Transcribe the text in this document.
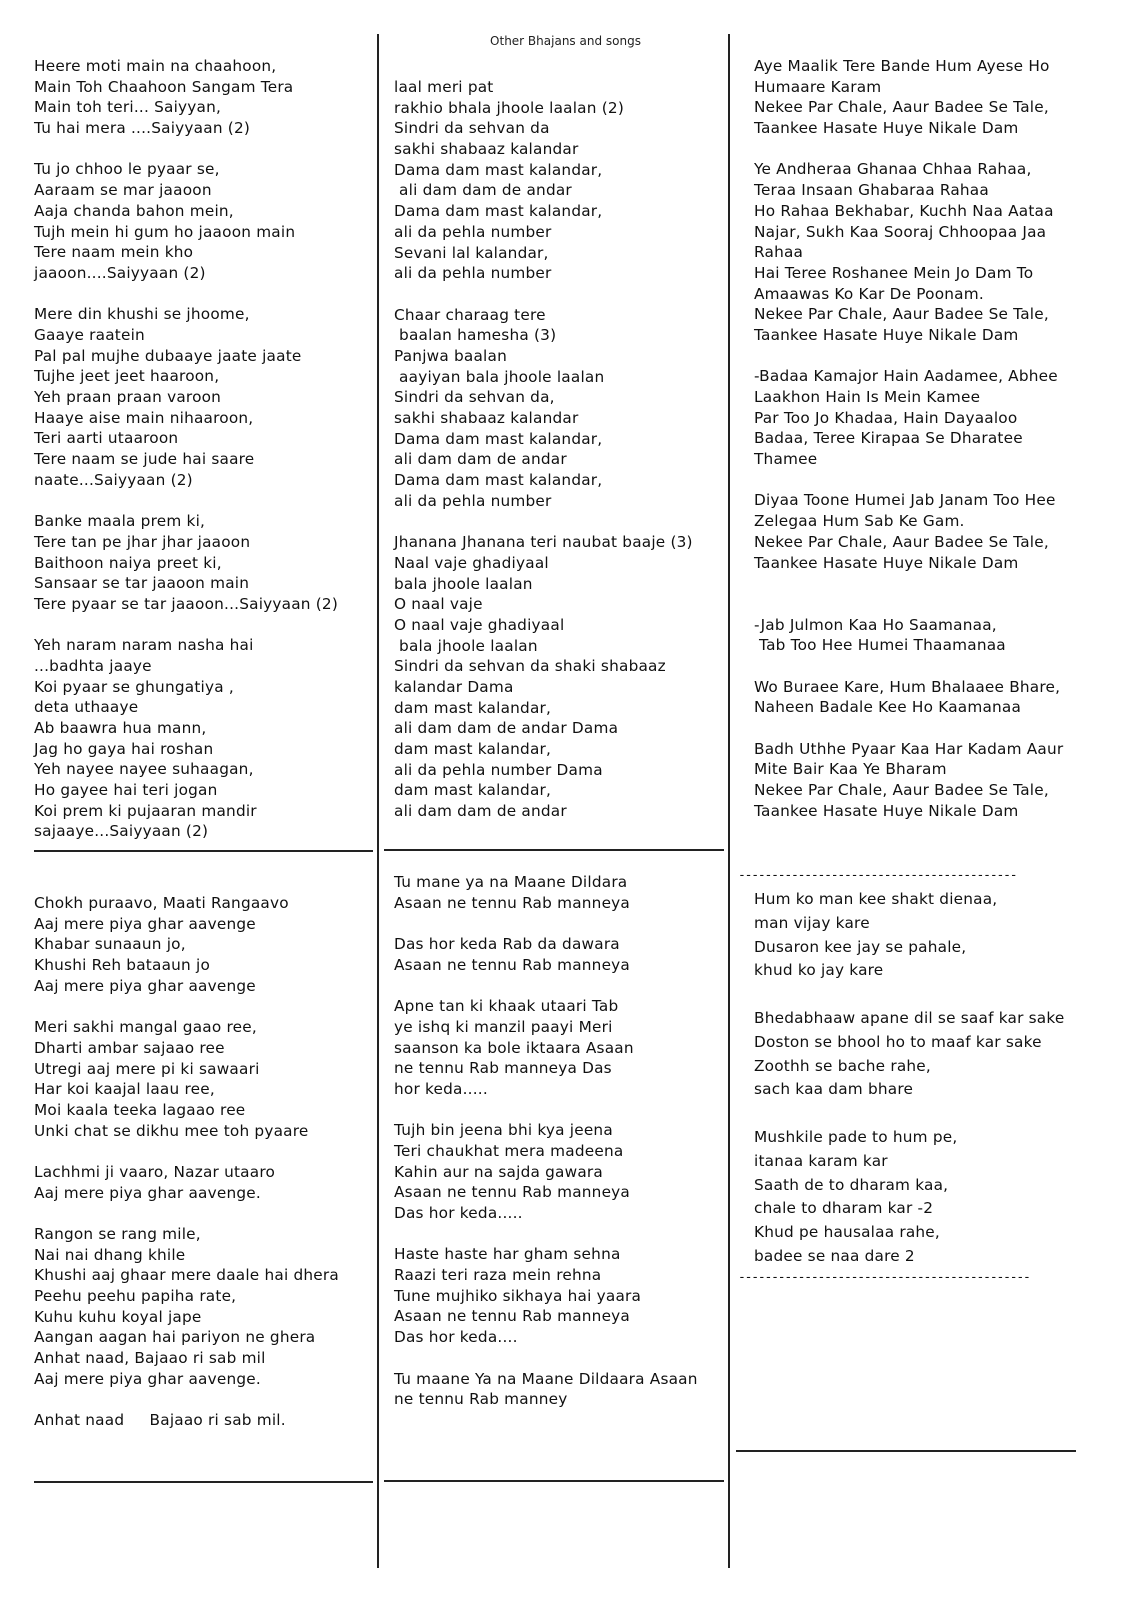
Other Bhajans and songs
------------------------------------------
--------------------------------------------
Heere moti main na chaahoon,
Main Toh Chaahoon Sangam Tera
Main toh teri... Saiyyan,
Tu hai mera ....Saiyyaan (2)
Tu jo chhoo le pyaar se,
Aaraam se mar jaaoon
Aaja chanda bahon mein,
Tujh mein hi gum ho jaaoon main
Tere naam mein kho
jaaoon....Saiyyaan (2)
Mere din khushi se jhoome,
Gaaye raatein
Pal pal mujhe dubaaye jaate jaate
Tujhe jeet jeet haaroon,
Yeh praan praan varoon
Haaye aise main nihaaroon,
Teri aarti utaaroon
Tere naam se jude hai saare
naate...Saiyyaan (2)
Banke maala prem ki,
Tere tan pe jhar jhar jaaoon
Baithoon naiya preet ki,
Sansaar se tar jaaoon main
Tere pyaar se tar jaaoon...Saiyyaan (2)
Yeh naram naram nasha hai
...badhta jaaye
Koi pyaar se ghungatiya ,
deta uthaaye
Ab baawra hua mann,
Jag ho gaya hai roshan
Yeh nayee nayee suhaagan,
Ho gayee hai teri jogan
Koi prem ki pujaaran mandir
sajaaye...Saiyyaan (2)
Chokh puraavo, Maati Rangaavo
Aaj mere piya ghar aavenge
Khabar sunaaun jo,
Khushi Reh bataaun jo
Aaj mere piya ghar aavenge
Meri sakhi mangal gaao ree,
Dharti ambar sajaao ree
Utregi aaj mere pi ki sawaari
Har koi kaajal laau ree,
Moi kaala teeka lagaao ree
Unki chat se dikhu mee toh pyaare
Lachhmi ji vaaro, Nazar utaaro
Aaj mere piya ghar aavenge.
Rangon se rang mile,
Nai nai dhang khile
Khushi aaj ghaar mere daale hai dhera
Peehu peehu papiha rate,
Kuhu kuhu koyal jape
Aangan aagan hai pariyon ne ghera
Anhat naad, Bajaao ri sab mil
Aaj mere piya ghar aavenge.
Anhat naad     Bajaao ri sab mil.
laal meri pat
rakhio bhala jhoole laalan (2)
Sindri da sehvan da
sakhi shabaaz kalandar
Dama dam mast kalandar,
ali dam dam de andar
Dama dam mast kalandar,
ali da pehla number
Sevani lal kalandar,
ali da pehla number
Chaar charaag tere
baalan hamesha (3)
Panjwa baalan
aayiyan bala jhoole laalan
Sindri da sehvan da,
sakhi shabaaz kalandar
Dama dam mast kalandar,
ali dam dam de andar
Dama dam mast kalandar,
ali da pehla number
Jhanana Jhanana teri naubat baaje (3)
Naal vaje ghadiyaal
bala jhoole laalan
O naal vaje
O naal vaje ghadiyaal
bala jhoole laalan
Sindri da sehvan da shaki shabaaz
kalandar Dama
dam mast kalandar,
ali dam dam de andar Dama
dam mast kalandar,
ali da pehla number Dama
dam mast kalandar,
ali dam dam de andar
Tu mane ya na Maane Dildara
Asaan ne tennu Rab manneya
Das hor keda Rab da dawara
Asaan ne tennu Rab manneya
Apne tan ki khaak utaari Tab
ye ishq ki manzil paayi Meri
saanson ka bole iktaara Asaan
ne tennu Rab manneya Das
hor keda.....
Tujh bin jeena bhi kya jeena
Teri chaukhat mera madeena
Kahin aur na sajda gawara
Asaan ne tennu Rab manneya
Das hor keda.....
Haste haste har gham sehna
Raazi teri raza mein rehna
Tune mujhiko sikhaya hai yaara
Asaan ne tennu Rab manneya
Das hor keda....
Tu maane Ya na Maane Dildaara Asaan
ne tennu Rab manney
Aye Maalik Tere Bande Hum Ayese Ho
Humaare Karam
Nekee Par Chale, Aaur Badee Se Tale,
Taankee Hasate Huye Nikale Dam
Ye Andheraa Ghanaa Chhaa Rahaa,
Teraa Insaan Ghabaraa Rahaa
Ho Rahaa Bekhabar, Kuchh Naa Aataa
Najar, Sukh Kaa Sooraj Chhoopaa Jaa
Rahaa
Hai Teree Roshanee Mein Jo Dam To
Amaawas Ko Kar De Poonam.
Nekee Par Chale, Aaur Badee Se Tale,
Taankee Hasate Huye Nikale Dam
-Badaa Kamajor Hain Aadamee, Abhee
Laakhon Hain Is Mein Kamee
Par Too Jo Khadaa, Hain Dayaaloo
Badaa, Teree Kirapaa Se Dharatee
Thamee
Diyaa Toone Humei Jab Janam Too Hee
Zelegaa Hum Sab Ke Gam.
Nekee Par Chale, Aaur Badee Se Tale,
Taankee Hasate Huye Nikale Dam
-Jab Julmon Kaa Ho Saamanaa,
Tab Too Hee Humei Thaamanaa
Wo Buraee Kare, Hum Bhalaaee Bhare,
Naheen Badale Kee Ho Kaamanaa
Badh Uthhe Pyaar Kaa Har Kadam Aaur
Mite Bair Kaa Ye Bharam
Nekee Par Chale, Aaur Badee Se Tale,
Taankee Hasate Huye Nikale Dam
Hum ko man kee shakt dienaa,
man vijay kare
Dusaron kee jay se pahale,
khud ko jay kare
Bhedabhaaw apane dil se saaf kar sake
Doston se bhool ho to maaf kar sake
Zoothh se bache rahe,
sach kaa dam bhare
Mushkile pade to hum pe,
itanaa karam kar
Saath de to dharam kaa,
chale to dharam kar -2
Khud pe hausalaa rahe,
badee se naa dare 2
